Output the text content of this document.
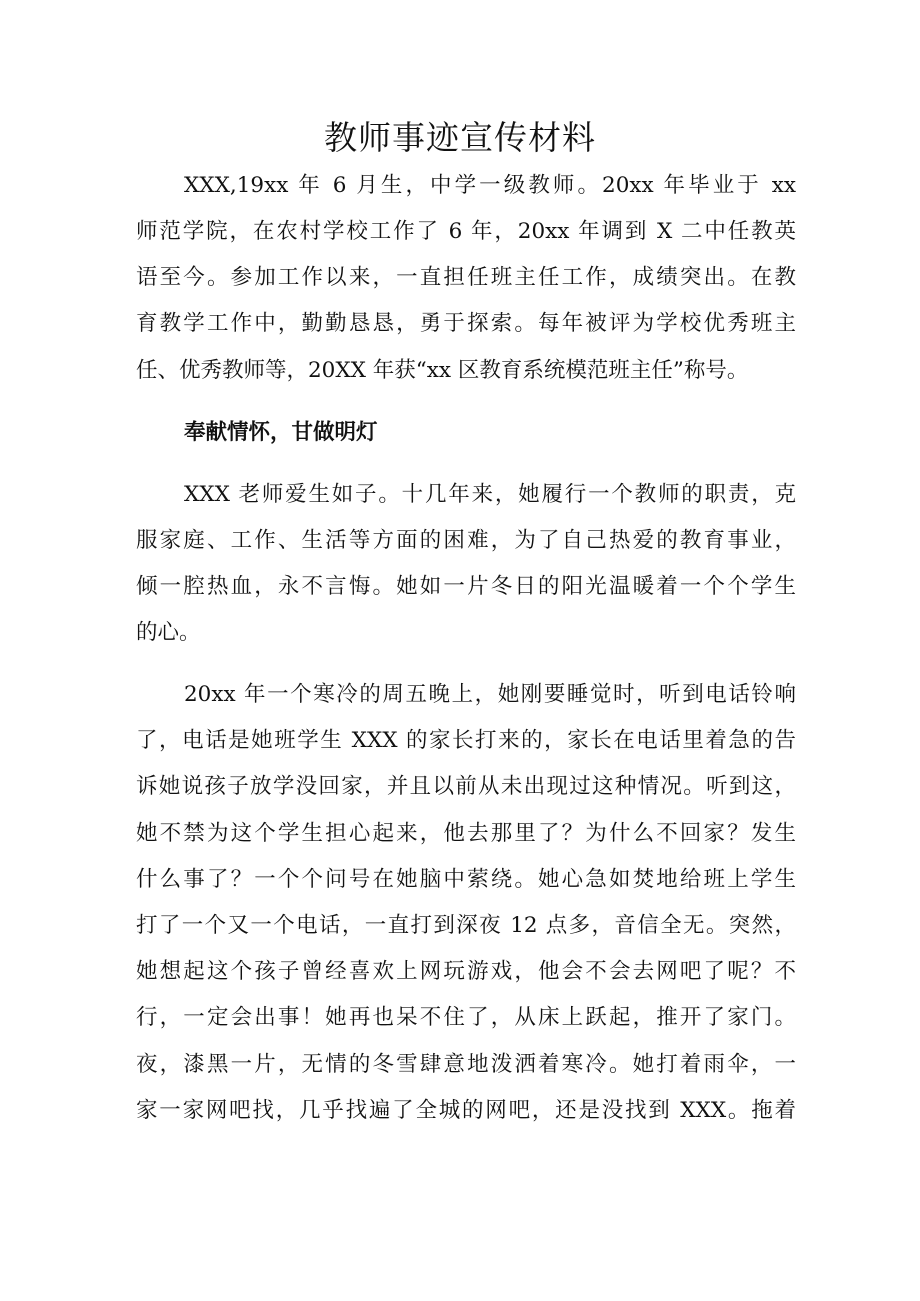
教师事迹宣传材料
XXX,19xx 年 6 月生，中学一级教师。20xx 年毕业于 xx
师范学院，在农村学校工作了 6 年，20xx 年调到 X 二中任教英
语至今。参加工作以来，一直担任班主任工作，成绩突出。在教
育教学工作中，勤勤恳恳，勇于探索。每年被评为学校优秀班主
任、优秀教师等，20XX 年获“xx 区教育系统模范班主任”称号。
奉献情怀，甘做明灯
XXX 老师爱生如子。十几年来，她履行一个教师的职责，克
服家庭、工作、生活等方面的困难，为了自己热爱的教育事业，
倾一腔热血，永不言悔。她如一片冬日的阳光温暖着一个个学生
的心。
20xx 年一个寒冷的周五晚上，她刚要睡觉时，听到电话铃响
了，电话是她班学生 XXX 的家长打来的，家长在电话里着急的告
诉她说孩子放学没回家，并且以前从未出现过这种情况。听到这，
她不禁为这个学生担心起来，他去那里了？为什么不回家？发生
什么事了？一个个问号在她脑中萦绕。她心急如焚地给班上学生
打了一个又一个电话，一直打到深夜 12 点多，音信全无。突然，
她想起这个孩子曾经喜欢上网玩游戏，他会不会去网吧了呢？不
行，一定会出事！她再也呆不住了，从床上跃起，推开了家门。
夜，漆黑一片，无情的冬雪肆意地泼洒着寒冷。她打着雨伞，一
家一家网吧找，几乎找遍了全城的网吧，还是没找到 XXX。拖着
